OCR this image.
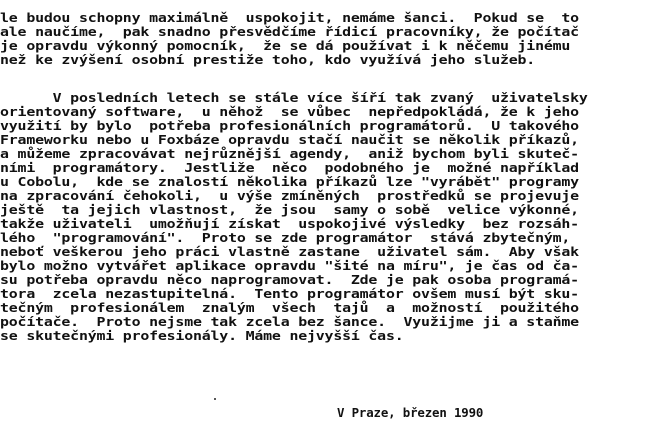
le budou schopny maximálně  uspokojit, nemáme šanci.  Pokud se  to
ale naučíme,  pak snadno přesvědčíme řídicí pracovníky, že počítač
je opravdu výkonný pomocník,  že se dá používat i k něčemu jinému
než ke zvýšení osobní prestiže toho, kdo využívá jeho služeb.
V posledních letech se stále více šíří tak zvaný  uživatelsky
orientovaný software,  u něhož  se vůbec  nepředpokládá, že k jeho
využití by bylo  potřeba profesionálních programátorů.  U takového
Frameworku nebo u Foxbáze opravdu stačí naučit se několik příkazů,
a můžeme zpracovávat nejrůznější agendy,  aniž bychom byli skuteč-
ními  programátory.  Jestliže  něco  podobného je  možné například
u Cobolu,  kde se znalostí několika příkazů lze "vyrábět" programy
na zpracování čehokoli,  u výše zmíněných  prostředků se projevuje
ještě  ta jejich vlastnost,  že jsou  samy o sobě  velice výkonné,
takže uživateli  umožňují získat  uspokojivé výsledky  bez rozsáh-
lého  "programování".  Proto se zde programátor  stává zbytečným,
neboť veškerou jeho práci vlastně zastane  uživatel sám.  Aby však
bylo možno vytvářet aplikace opravdu "šité na míru", je čas od ča-
su potřeba opravdu něco naprogramovat.  Zde je pak osoba programá-
tora  zcela nezastupitelná.  Tento programátor ovšem musí být sku-
tečným  profesionálem  znalým  všech  tajů  a  možností  použitého
počítače.  Proto nejsme tak zcela bez šance.  Využijme ji a staňme
se skutečnými profesionály. Máme nejvyšší čas.
V Praze, březen 1990
